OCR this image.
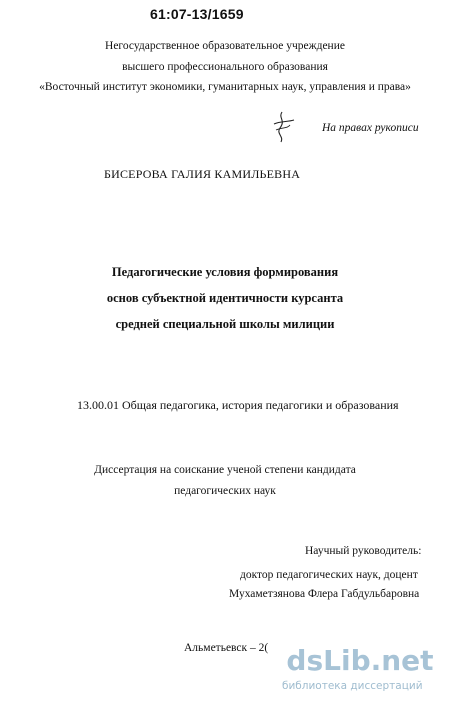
61:07-13/1659
Негосударственное образовательное учреждение
высшего профессионального образования
«Восточный институт экономики, гуманитарных наук, управления и права»
На правах рукописи
БИСЕРОВА ГАЛИЯ КАМИЛЬЕВНА
Педагогические условия формирования
основ субъектной идентичности курсанта
средней специальной школы милиции
13.00.01 Общая педагогика, история педагогики и образования
Диссертация на соискание ученой степени кандидата
педагогических наук
Научный руководитель:
доктор педагогических наук, доцент
Мухаметзянова Флера Габдульбаровна
Альметьевск – 2( dsLib.net
библиотека диссертаций
